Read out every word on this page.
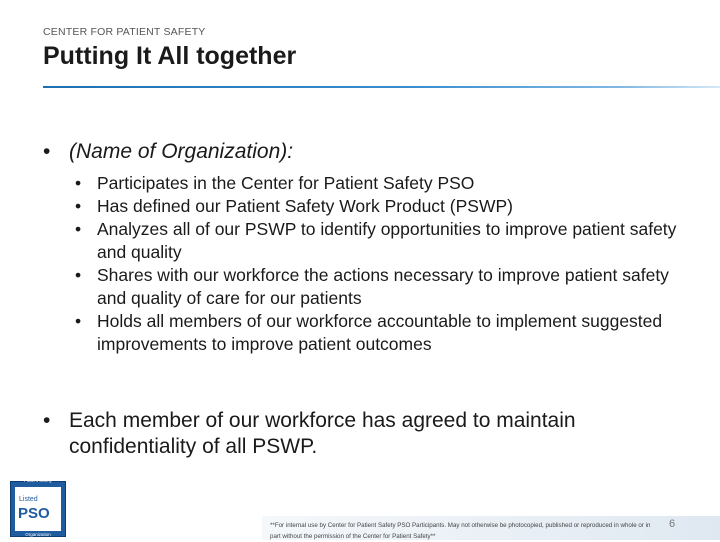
CENTER FOR PATIENT SAFETY
Putting It All together
• (Name of Organization):
• Participates in the Center for Patient Safety PSO
• Has defined our Patient Safety Work Product (PSWP)
• Analyzes all of our PSWP to identify opportunities to improve patient safety and quality
• Shares with our workforce the actions necessary to improve patient safety and quality of care for our patients
• Holds all members of our workforce accountable to implement suggested improvements to improve patient outcomes
• Each member of our workforce has agreed to maintain confidentiality of all PSWP.
Patient Safety
Listed
PSO
Organization
**For internal use by Center for Patient Safety PSO Participants. May not otherwise be photocopied, published or reproduced in whole or in part without the permission of the Center for Patient Safety**
6
